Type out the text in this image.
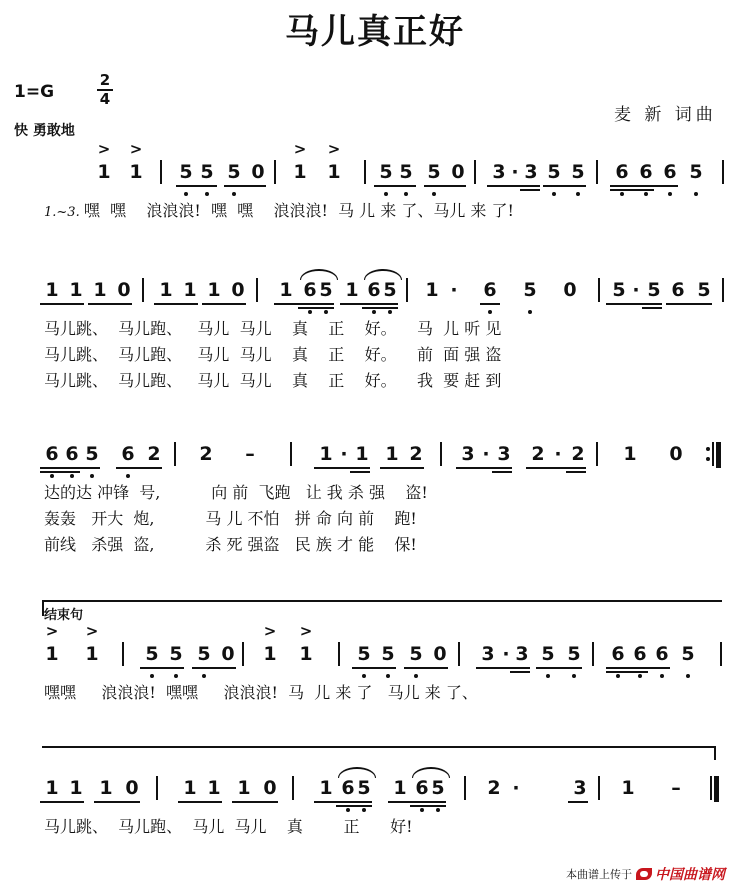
马儿真正好
1=G
2
4
快 勇敢地
麦 新 词曲
1
>
1
>
5 5 5 0 1
>
1
>
5 5 5 0 3 · 3 5 5 6 6 6 5
1.~3. 嘿  嘿    浪浪浪!  嘿  嘿    浪浪浪!  马 儿 来 了、马儿 来 了!
1 1 1 0 1 1 1 0 1 6 5 1 6 5 1 · 6 5 0 5 · 5 6 5
马儿跳、  马儿跑、   马儿  马儿    真    正    好。    马  儿 听 见
马儿跳、  马儿跑、   马儿  马儿    真    正    好。    前  面 强 盗
马儿跳、  马儿跑、   马儿  马儿    真    正    好。    我  要 赶 到
6 6 5 6 2 2 –	1 · 1 1 2 3 · 3 2 · 2 1 0
达的达 冲锋  号,          向 前  飞跑   让 我 杀 强    盗!
轰轰   开大  炮,          马 儿 不怕   拼 命 向 前    跑!
前线   杀强  盗,          杀 死 强盗   民 族 才 能    保!
1
>
1
>
5 5 5 0 1
>
1
>
5 5 5 0 3 · 3 5 5 6 6 6 5
嘿嘿     浪浪浪!  嘿嘿     浪浪浪!  马  儿 来 了   马儿 来 了、
1 1 1 0 1 1 1 0 1 6 5 1 6 5 2 ·	3 1 –
马儿跳、  马儿跑、  马儿  马儿    真        正      好!
结束句
本曲谱上传于 中国曲谱网
